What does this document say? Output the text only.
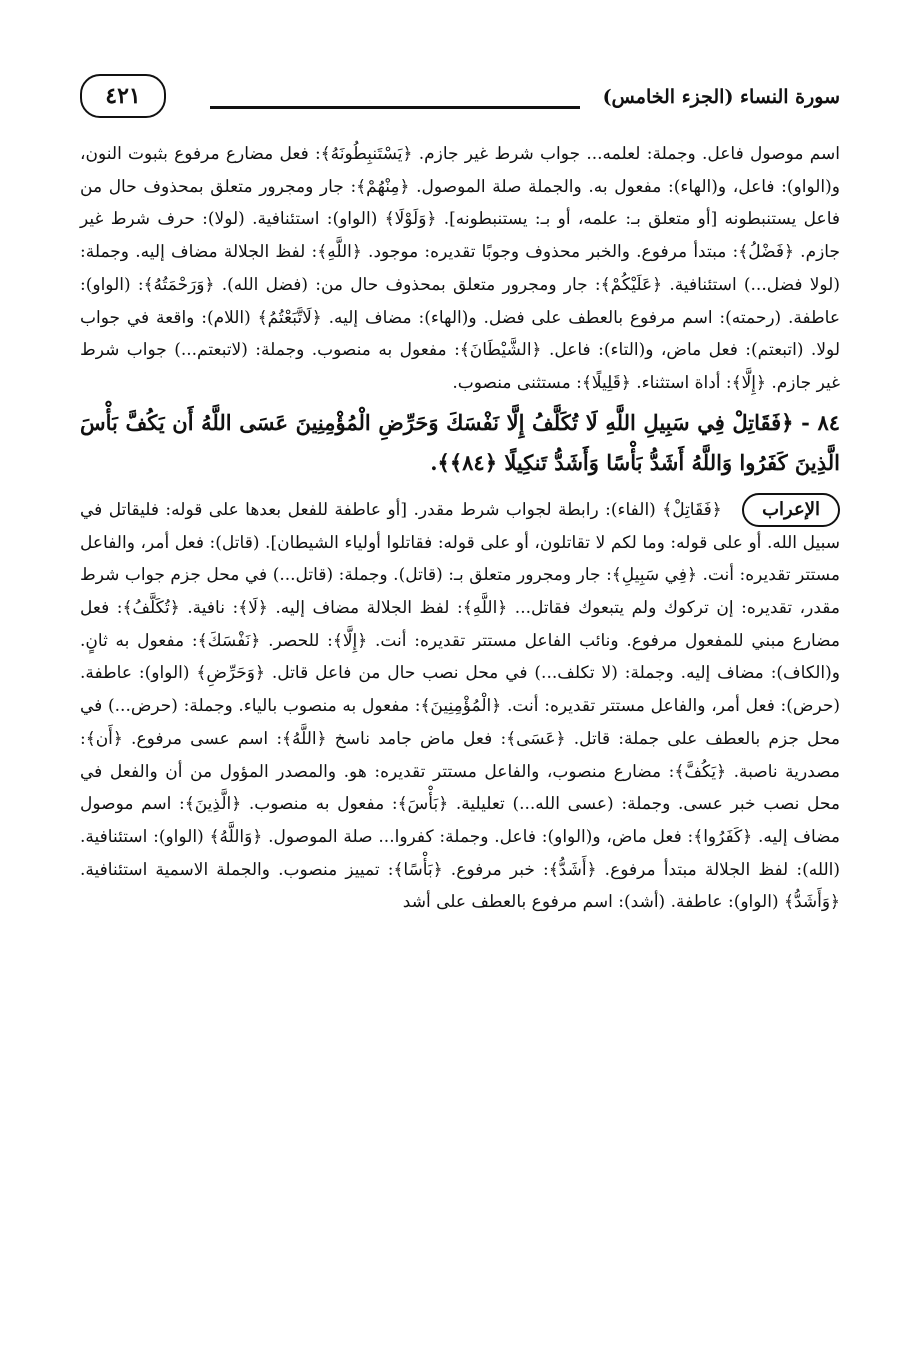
سورة النساء (الجزء الخامس)
٤٢١

اسم موصول فاعل. وجملة: لعلمه... جواب شرط غير جازم. ﴿يَسْتَنبِطُونَهُ﴾: فعل مضارع مرفوع بثبوت النون، و(الواو): فاعل، و(الهاء): مفعول به. والجملة صلة الموصول. ﴿مِنْهُمْ﴾: جار ومجرور متعلق بمحذوف حال من فاعل يستنبطونه [أو متعلق بـ: علمه، أو بـ: يستنبطونه]. ﴿وَلَوْلَا﴾ (الواو): استئنافية. (لولا): حرف شرط غير جازم. ﴿فَضْلُ﴾: مبتدأ مرفوع. والخبر محذوف وجوبًا تقديره: موجود. ﴿اللَّهِ﴾: لفظ الجلالة مضاف إليه. وجملة: (لولا فضل...) استئنافية. ﴿عَلَيْكُمْ﴾: جار ومجرور متعلق بمحذوف حال من: (فضل الله). ﴿وَرَحْمَتُهُ﴾: (الواو): عاطفة. (رحمته): اسم مرفوع بالعطف على فضل. و(الهاء): مضاف إليه. ﴿لَاتَّبَعْتُمُ﴾ (اللام): واقعة في جواب لولا. (اتبعتم): فعل ماض، و(التاء): فاعل. ﴿الشَّيْطَانَ﴾: مفعول به منصوب. وجملة: (لاتبعتم...) جواب شرط غير جازم. ﴿إِلَّا﴾: أداة استثناء. ﴿قَلِيلًا﴾: مستثنى منصوب.

٨٤ - ﴿فَقَاتِلْ فِي سَبِيلِ اللَّهِ لَا تُكَلَّفُ إِلَّا نَفْسَكَ وَحَرِّضِ الْمُؤْمِنِينَ عَسَى اللَّهُ أَن يَكُفَّ بَأْسَ الَّذِينَ كَفَرُوا وَاللَّهُ أَشَدُّ بَأْسًا وَأَشَدُّ تَنكِيلًا ﴿٨٤﴾﴾.

الإعراب ﴿فَقَاتِلْ﴾ (الفاء): رابطة لجواب شرط مقدر. [أو عاطفة للفعل بعدها على قوله: فليقاتل في سبيل الله. أو على قوله: وما لكم لا تقاتلون، أو على قوله: فقاتلوا أولياء الشيطان]. (قاتل): فعل أمر، والفاعل مستتر تقديره: أنت. ﴿فِي سَبِيلِ﴾: جار ومجرور متعلق بـ: (قاتل). وجملة: (قاتل...) في محل جزم جواب شرط مقدر، تقديره: إن تركوك ولم يتبعوك فقاتل... ﴿اللَّهِ﴾: لفظ الجلالة مضاف إليه. ﴿لَا﴾: نافية. ﴿تُكَلَّفُ﴾: فعل مضارع مبني للمفعول مرفوع. ونائب الفاعل مستتر تقديره: أنت. ﴿إِلَّا﴾: للحصر. ﴿نَفْسَكَ﴾: مفعول به ثانٍ. و(الكاف): مضاف إليه. وجملة: (لا تكلف...) في محل نصب حال من فاعل قاتل. ﴿وَحَرِّضِ﴾ (الواو): عاطفة. (حرض): فعل أمر، والفاعل مستتر تقديره: أنت. ﴿الْمُؤْمِنِينَ﴾: مفعول به منصوب بالياء. وجملة: (حرض...) في محل جزم بالعطف على جملة: قاتل. ﴿عَسَى﴾: فعل ماض جامد ناسخ ﴿اللَّهُ﴾: اسم عسى مرفوع. ﴿أَن﴾: مصدرية ناصبة. ﴿يَكُفَّ﴾: مضارع منصوب، والفاعل مستتر تقديره: هو. والمصدر المؤول من أن والفعل في محل نصب خبر عسى. وجملة: (عسى الله...) تعليلية. ﴿بَأْسَ﴾: مفعول به منصوب. ﴿الَّذِينَ﴾: اسم موصول مضاف إليه. ﴿كَفَرُوا﴾: فعل ماض، و(الواو): فاعل. وجملة: كفروا... صلة الموصول. ﴿وَاللَّهُ﴾ (الواو): استئنافية. (الله): لفظ الجلالة مبتدأ مرفوع. ﴿أَشَدُّ﴾: خبر مرفوع. ﴿بَأْسًا﴾: تمييز منصوب. والجملة الاسمية استئنافية. ﴿وَأَشَدُّ﴾ (الواو): عاطفة. (أشد): اسم مرفوع بالعطف على أشد
